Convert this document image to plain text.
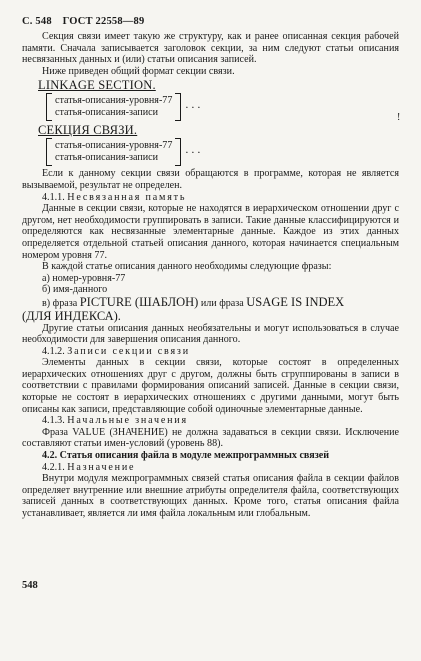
С. 548 ГОСТ 22558—89

Секция связи имеет такую же структуру, как и ранее описанная секция рабочей памяти. Сначала записывается заголовок секции, за ним следуют статьи описания несвязанных данных и (или) статьи описания записей.

Ниже приведен общий формат секции связи.

LINKAGE SECTION.
статья-описания-уровня-77
статья-описания-записи
. . .
СЕКЦИЯ СВЯЗИ.
статья-описания-уровня-77
статья-описания-записи
. . .

Если к данному секции связи обращаются в программе, которая не является вызываемой, результат не определен.

4.1.1. Несвязанная память

Данные в секции связи, которые не находятся в иерархическом отношении друг с другом, нет необходимости группировать в записи. Такие данные классифицируются и определяются как несвязанные элементарные данные. Каждое из этих данных определяется отдельной статьей описания данного, которая начинается специальным номером уровня 77.

В каждой статье описания данного необходимы следующие фразы:

а) номер-уровня-77

б) имя-данного

в) фраза PICTURE (ШАБЛОН) или фраза USAGE IS INDEX

(ДЛЯ ИНДЕКСА).

Другие статьи описания данных необязательны и могут использоваться в случае необходимости для завершения описания данного.

4.1.2. Записи секции связи

Элементы данных в секции связи, которые состоят в определенных иерархических отношениях друг с другом, должны быть сгруппированы в записи в соответствии с правилами формирования описаний записей. Данные в секции связи, которые не состоят в иерархических отношениях с другими данными, могут быть описаны как записи, представляющие собой одиночные элементарные данные.

4.1.3. Начальные значения

Фраза VALUE (ЗНАЧЕНИЕ) не должна задаваться в секции связи. Исключение составляют статьи имен-условий (уровень 88).

4.2. Статья описания файла в модуле межпрограммных связей

4.2.1. Назначение

Внутри модуля межпрограммных связей статья описания файла в секции файлов определяет внутренние или внешние атрибуты определителя файла, соответствующих записей данных в соответствующих данных. Кроме того, статья описания файла устанавливает, является ли имя файла локальным или глобальным.

!
548
